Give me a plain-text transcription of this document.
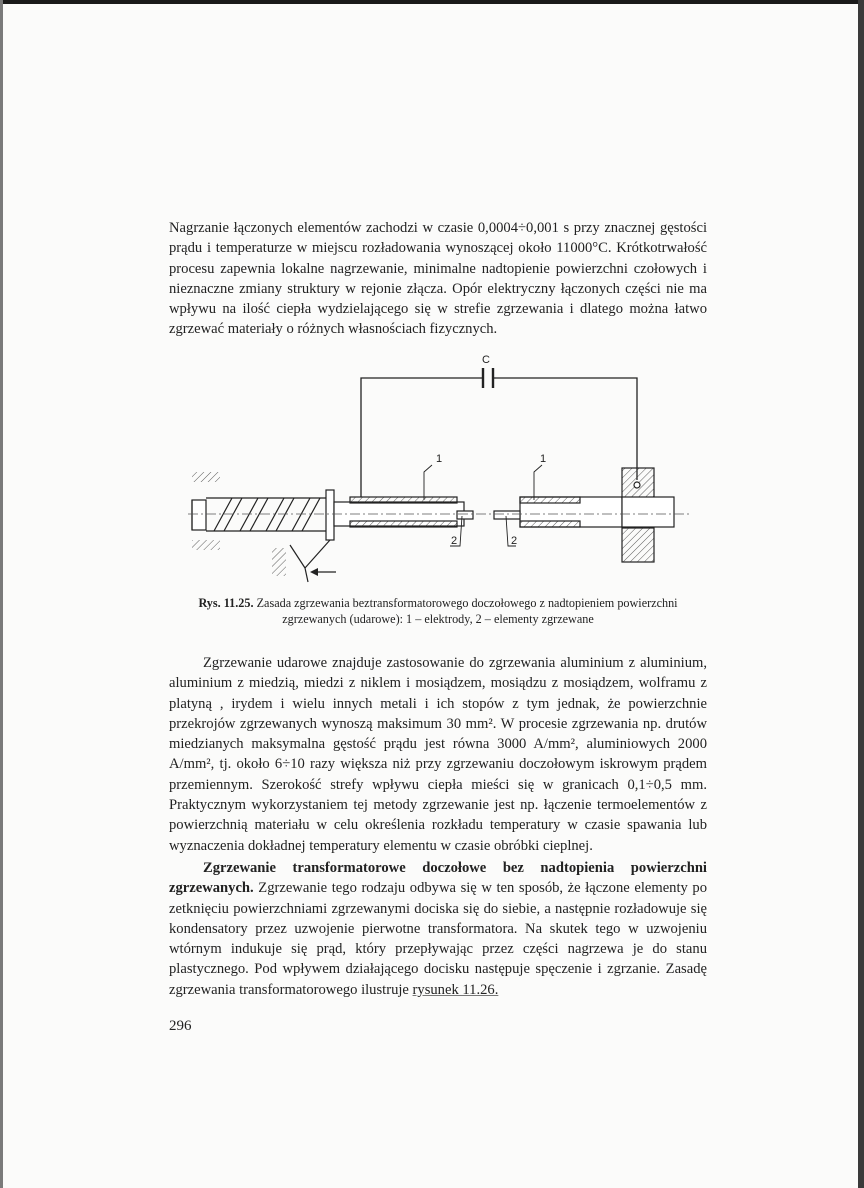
Nagrzanie łączonych elementów zachodzi w czasie 0,0004÷0,001 s przy znacznej gęstości prądu i temperaturze w miejscu rozładowania wynoszącej około 11000°C. Krótkotrwałość procesu zapewnia lokalne nagrzewanie, minimalne nadtopienie powierzchni czołowych i nieznaczne zmiany struktury w rejonie złącza. Opór elektryczny łączonych części nie ma wpływu na ilość ciepła wydzielającego się w strefie zgrzewania i dlatego można łatwo zgrzewać materiały o różnych własnościach fizycznych.

C
1	1
2	2
Rys. 11.25. Zasada zgrzewania beztransformatorowego doczołowego z nadtopieniem powierzchni zgrzewanych (udarowe): 1 – elektrody, 2 – elementy zgrzewane

Zgrzewanie udarowe znajduje zastosowanie do zgrzewania aluminium z aluminium, aluminium z miedzią, miedzi z niklem i mosiądzem, mosiądzu z mosiądzem, wolframu z platyną , irydem i wielu innych metali i ich stopów z tym jednak, że powierzchnie przekrojów zgrzewanych wynoszą maksimum 30 mm². W procesie zgrzewania np. drutów miedzianych maksymalna gęstość prądu jest równa 3000 A/mm², aluminiowych 2000 A/mm², tj. około 6÷10 razy większa niż przy zgrzewaniu doczołowym iskrowym prądem przemiennym. Szerokość strefy wpływu ciepła mieści się w granicach 0,1÷0,5 mm. Praktycznym wykorzystaniem tej metody zgrzewanie jest np. łączenie termoelementów z powierzchnią materiału w celu określenia rozkładu temperatury w czasie spawania lub wyznaczenia dokładnej temperatury elementu w czasie obróbki cieplnej.

Zgrzewanie transformatorowe doczołowe bez nadtopienia powierzchni zgrzewanych. Zgrzewanie tego rodzaju odbywa się w ten sposób, że łączone elementy po zetknięciu powierzchniami zgrzewanymi dociska się do siebie, a następnie rozładowuje się kondensatory przez uzwojenie pierwotne transformatora. Na skutek tego w uzwojeniu wtórnym indukuje się prąd, który przepływając przez części nagrzewa je do stanu plastycznego. Pod wpływem działającego docisku następuje spęczenie i zgrzanie. Zasadę zgrzewania transformatorowego ilustruje rysunek 11.26.

296
